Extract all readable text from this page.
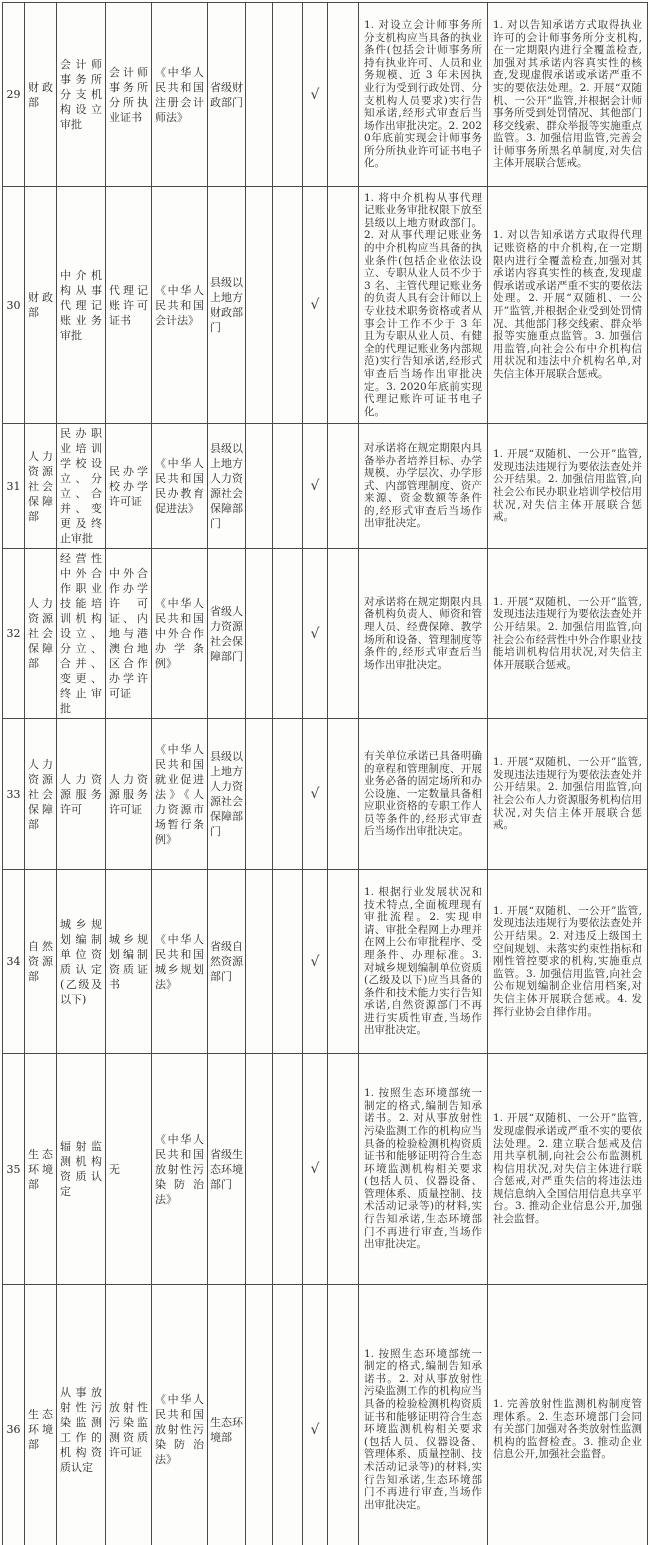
29	财政部	会计师事务所分支机构设立审批	会计师事务所分所执业证书	《中华人民共和国注册会计师法》	省级财政部门			√		1. 对设立会计师事务所分支机构应当具备的执业条件(包括会计师事务所持有执业许可、人员和业务规模、近 3 年未因执业行为受到行政处罚、分支机构人员要求)实行告知承诺,经形式审查后当场作出审批决定。2. 2020年底前实现会计师事务所分所执业许可证书电子化。	1. 对以告知承诺方式取得执业许可的会计师事务所分支机构,在一定期限内进行全覆盖检查,加强对其承诺内容真实性的核查,发现虚假承诺或承诺严重不实的要依法处理。2. 开展“双随机、一公开”监管,并根据会计师事务所受到处罚情况、其他部门移交线索、群众举报等实施重点监管。3. 加强信用监管,完善会计师事务所黑名单制度,对失信主体开展联合惩戒。
30	财政部	中介机构从事代理记账业务审批	代理记账许可证书	《中华人民共和国会计法》	县级以上地方财政部门			√		1. 将中介机构从事代理记账业务审批权限下放至县级以上地方财政部门。2. 对从事代理记账业务的中介机构应当具备的执业条件(包括企业依法设立、专职从业人员不少于 3 名、主管代理记账业务的负责人具有会计师以上专业技术职务资格或者从事会计工作不少于 3 年且为专职从业人员、有健全的代理记账业务内部规范)实行告知承诺,经形式审查后当场作出审批决定。3. 2020年底前实现代理记账许可证书电子化。	1. 对以告知承诺方式取得代理记账资格的中介机构,在一定期限内进行全覆盖检查,加强对其承诺内容真实性的核查,发现虚假承诺或承诺严重不实的要依法处理。2. 开展“双随机、一公开”监管,并根据企业受到处罚情况、其他部门移交线索、群众举报等实施重点监管。3. 加强信用监管,向社会公布中介机构信用状况和违法中介机构名单,对失信主体开展联合惩戒。
31	人力资源社会保障部	民办职业培训学校设立、分立、合并、变更及终止审批	民办学校办学许可证	《中华人民共和国民办教育促进法》	县级以上地方人力资源社会保障部门			√		对承诺将在规定期限内具备举办者培养目标、办学规模、办学层次、办学形式、内部管理制度、资产来源、资金数额等条件的,经形式审查后当场作出审批决定。	1. 开展“双随机、一公开”监管,发现违法违规行为要依法查处并公开结果。2. 加强信用监管,向社会公布民办职业培训学校信用状况,对失信主体开展联合惩戒。
32	人力资源社会保障部	经营性中外合作职业技能培训机构设立、分立、合并、变更、终止审批	中外合作办学许可证、内地与港澳台地区合作办学许可证	《中华人民共和国中外合作办学条例》	省级人力资源社会保障部门			√		对承诺将在规定期限内具备机构负责人、师资和管理人员、经费保障、教学场所和设备、管理制度等条件的,经形式审查后当场作出审批决定。	1. 开展“双随机、一公开”监管,发现违法违规行为要依法查处并公开结果。2. 加强信用监管,向社会公布经营性中外合作职业技能培训机构信用状况,对失信主体开展联合惩戒。
33	人力资源社会保障部	人力资源服务许可	人力资源服务许可证	《中华人民共和国就业促进法》《人力资源市场暂行条例》	县级以上地方人力资源社会保障部门			√		有关单位承诺已具备明确的章程和管理制度、开展业务必备的固定场所和办公设施、一定数量具备相应职业资格的专职工作人员等条件的,经形式审查后当场作出审批决定。	1. 开展“双随机、一公开”监管,发现违法违规行为要依法查处并公开结果。2. 加强信用监管,向社会公布人力资源服务机构信用状况,对失信主体开展联合惩戒。
34	自然资源部	城乡规划编制单位资质认定(乙级及以下)	城乡规划编制资质证书	《中华人民共和国城乡规划法》	省级自然资源部门			√		1. 根据行业发展状况和技术特点,全面梳理现有审批流程。2. 实现申请、审批全程网上办理并在网上公布审批程序、受理条件、办理标准。3. 对城乡规划编制单位资质(乙级及以下)应当具备的条件和技术能力实行告知承诺,自然资源部门不再进行实质性审查,当场作出审批决定。	1. 开展“双随机、一公开”监管,发现违法违规行为要依法查处并公开结果。2. 对违反上级国土空间规划、未落实约束性指标和刚性管控要求的机构,实施重点监管。3. 加强信用监管,向社会公布规划编制企业信用档案,对失信主体开展联合惩戒。4. 发挥行业协会自律作用。
35	生态环境部	辐射监测机构资质认定	无	《中华人民共和国放射性污染防治法》	省级生态环境部门			√		1. 按照生态环境部统一制定的格式,编制告知承诺书。2. 对从事放射性污染监测工作的机构应当具备的检验检测机构资质证书和能够证明符合生态环境监测机构相关要求(包括人员、仪器设备、管理体系、质量控制、技术活动记录等)的材料,实行告知承诺,生态环境部门不再进行审查,当场作出审批决定。	1. 开展“双随机、一公开”监管,发现虚假承诺或严重不实的要依法处理。2. 建立联合惩戒及信用共享机制,向社会公布监测机构信用状况,对失信主体进行联合惩戒,对严重失信的将违法违规信息纳入全国信用信息共享平台。3. 推动企业信息公开,加强社会监督。
36	生态环境部	从事放射性污染监测工作的机构资质认定	放射性污染监测资质许可证	《中华人民共和国放射性污染防治法》	生态环境部			√		1. 按照生态环境部统一制定的格式,编制告知承诺书。2. 对从事放射性污染监测工作的机构应当具备的检验检测机构资质证书和能够证明符合生态环境监测机构相关要求(包括人员、仪器设备、管理体系、质量控制、技术活动记录等)的材料,实行告知承诺,生态环境部门不再进行审查,当场作出审批决定。	1. 完善放射性监测机构制度管理体系。2. 生态环境部门会同有关部门加强对各类放射性监测机构的监督检查。3. 推动企业信息公开,加强社会监督。
